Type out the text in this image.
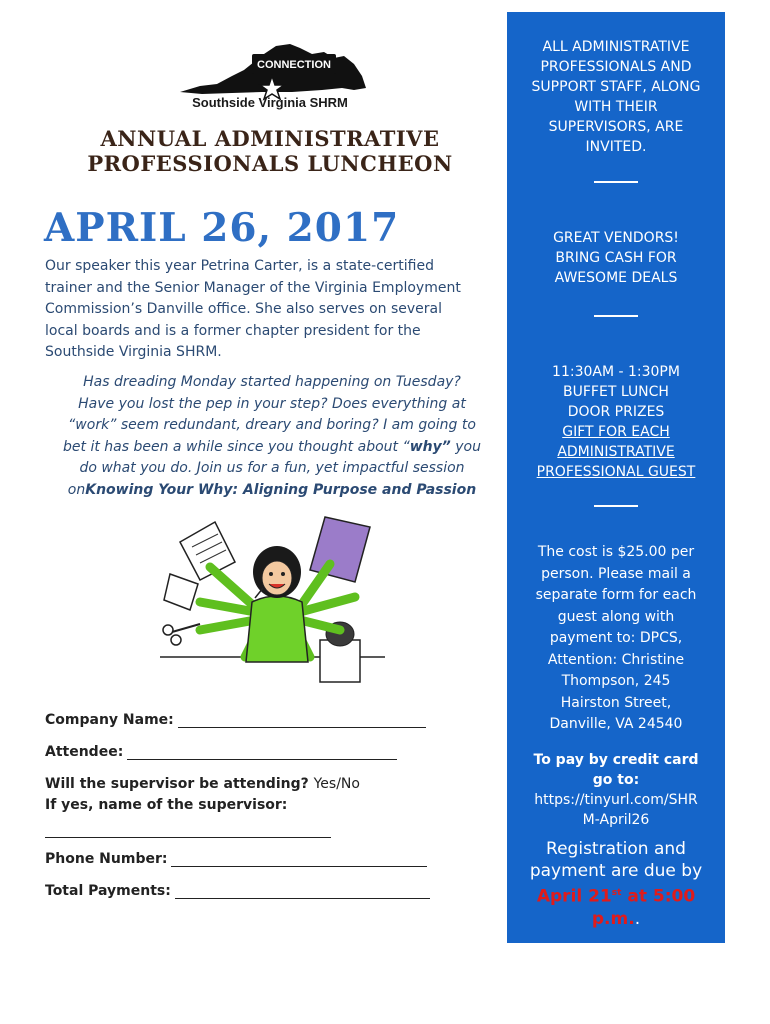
CONNECTION
Southside Virginia SHRM
ANNUAL ADMINISTRATIVE
PROFESSIONALS LUNCHEON
APRIL 26, 2017
Our speaker this year Petrina Carter, is a state-certified
trainer and the Senior Manager of the Virginia Employment
Commission’s Danville office. She also serves on several
local boards and is a former chapter president for the
Southside Virginia SHRM.
Has dreading Monday started happening on Tuesday?
Have you lost the pep in your step? Does everything at
“work” seem redundant, dreary and boring? I am going to
bet it has been a while since you thought about “why” you
do what you do. Join us for a fun, yet impactful session
onKnowing Your Why: Aligning Purpose and Passion
Company Name:
Attendee:
Will the supervisor be attending? Yes/No
If yes, name of the supervisor:
Phone Number:
Total Payments:
ALL ADMINISTRATIVE
PROFESSIONALS AND
SUPPORT STAFF, ALONG
WITH THEIR
SUPERVISORS, ARE
INVITED.
GREAT VENDORS!
BRING CASH FOR
AWESOME DEALS
11:30AM - 1:30PM
BUFFET LUNCH
DOOR PRIZES
GIFT FOR EACH
ADMINISTRATIVE
PROFESSIONAL GUEST
The cost is $25.00 per
person. Please mail a
separate form for each
guest along with
payment to: DPCS,
Attention: Christine
Thompson, 245
Hairston Street,
Danville, VA 24540
To pay by credit card
go to:
https://tinyurl.com/SHR
M-April26
Registration and
payment are due by
April 21st at 5:00
p.m..
